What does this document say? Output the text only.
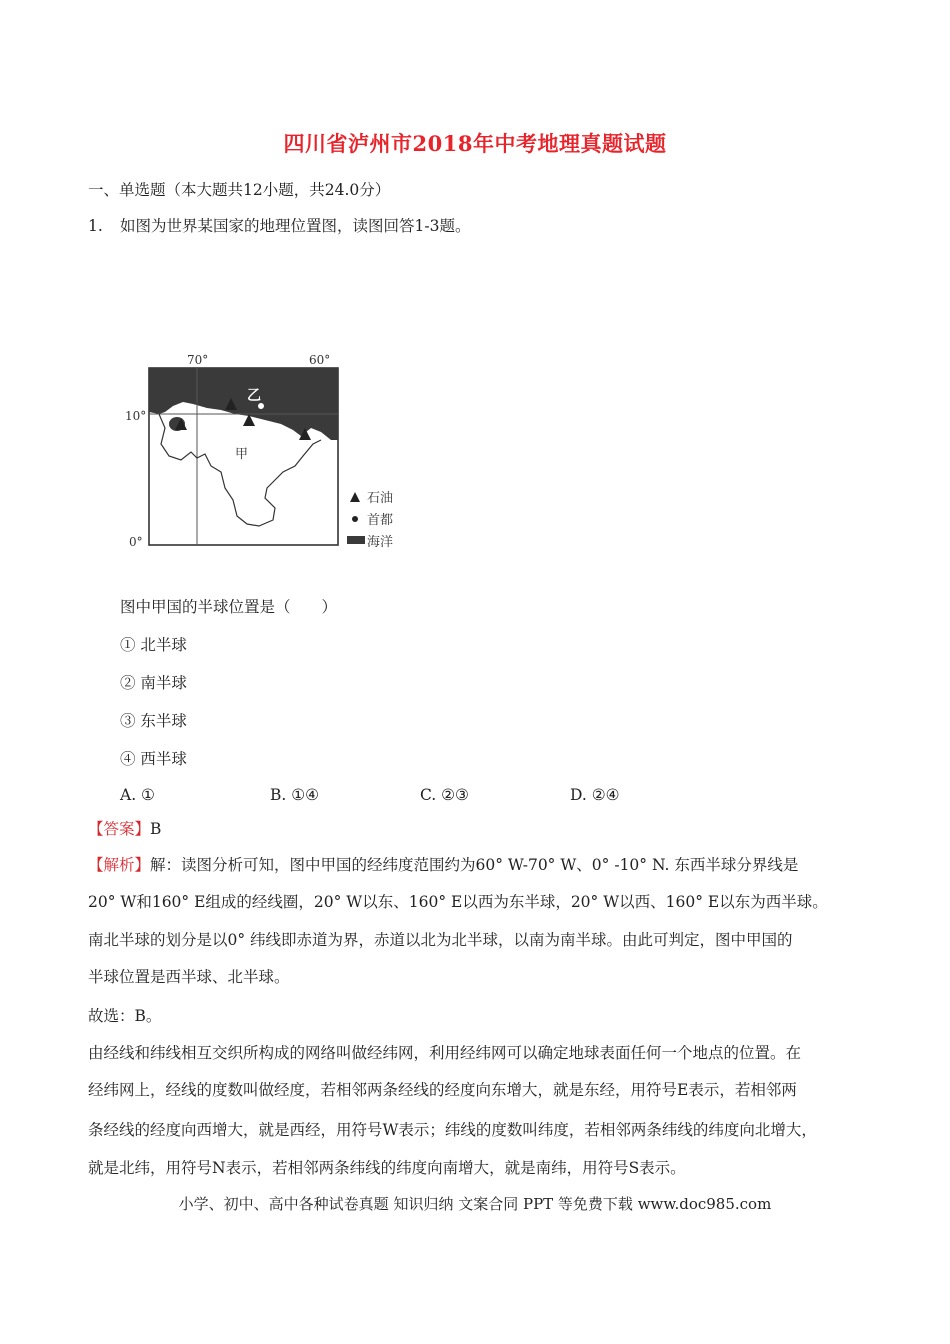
四川省泸州市2018年中考地理真题试题
一、单选题（本大题共12小题，共24.0分）
1. 如图为世界某国家的地理位置图，读图回答1-3题。
70°	60°
10°
0°
乙
甲
石油
首都
海洋
图中甲国的半球位置是（　　）
① 北半球
② 南半球
③ 东半球
④ 西半球
A. ①	B. ①④	C. ②③	D. ②④
【答案】B
【解析】解：读图分析可知，图中甲国的经纬度范围约为60° W-70° W、0° -10° N. 东西半球分界线是
20° W和160° E组成的经线圈，20° W以东、160° E以西为东半球，20° W以西、160° E以东为西半球。
南北半球的划分是以0° 纬线即赤道为界，赤道以北为北半球，以南为南半球。由此可判定，图中甲国的
半球位置是西半球、北半球。
故选：B。
由经线和纬线相互交织所构成的网络叫做经纬网，利用经纬网可以确定地球表面任何一个地点的位置。在
经纬网上，经线的度数叫做经度，若相邻两条经线的经度向东增大，就是东经，用符号E表示，若相邻两
条经线的经度向西增大，就是西经，用符号W表示；纬线的度数叫纬度，若相邻两条纬线的纬度向北增大，
就是北纬，用符号N表示，若相邻两条纬线的纬度向南增大，就是南纬，用符号S表示。
小学、初中、高中各种试卷真题 知识归纳 文案合同 PPT 等免费下载 www.doc985.com
